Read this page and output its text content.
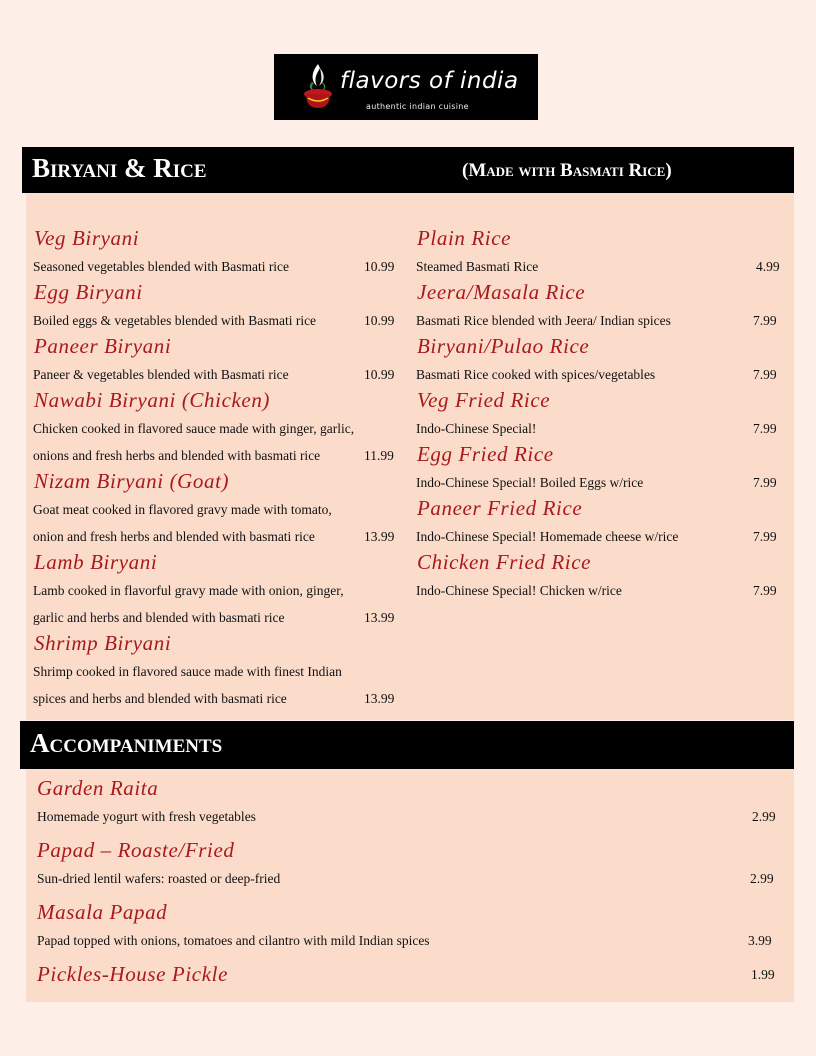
flavors of india
authentic indian cuisine
Biryani & Rice	(Made with Basmati Rice)
Veg Biryani
Seasoned vegetables blended with Basmati rice	10.99
Egg Biryani
Boiled eggs & vegetables blended with Basmati rice	10.99
Paneer Biryani
Paneer & vegetables blended with Basmati rice	10.99
Nawabi Biryani (Chicken)
Chicken cooked in flavored sauce made with ginger, garlic,
onions and fresh herbs and blended with basmati rice	11.99
Nizam Biryani (Goat)
Goat meat cooked in flavored gravy made with tomato,
onion and fresh herbs and blended with basmati rice	13.99
Lamb Biryani
Lamb cooked in flavorful gravy made with onion, ginger,
garlic and herbs and blended with basmati rice	13.99
Shrimp Biryani
Shrimp cooked in flavored sauce made with finest Indian
spices and herbs and blended with basmati rice	13.99
Plain Rice
Steamed Basmati Rice	4.99
Jeera/Masala Rice
Basmati Rice blended with Jeera/ Indian spices	7.99
Biryani/Pulao Rice
Basmati Rice cooked with spices/vegetables	7.99
Veg Fried Rice
Indo-Chinese Special!	7.99
Egg Fried Rice
Indo-Chinese Special! Boiled Eggs w/rice	7.99
Paneer Fried Rice
Indo-Chinese Special! Homemade cheese w/rice	7.99
Chicken Fried Rice
Indo-Chinese Special! Chicken w/rice	7.99
Accompaniments
Garden Raita
Homemade yogurt with fresh vegetables	2.99
Papad – Roaste/Fried
Sun-dried lentil wafers: roasted or deep-fried	2.99
Masala Papad
Papad topped with onions, tomatoes and cilantro with mild Indian spices	3.99
Pickles-House Pickle	1.99
